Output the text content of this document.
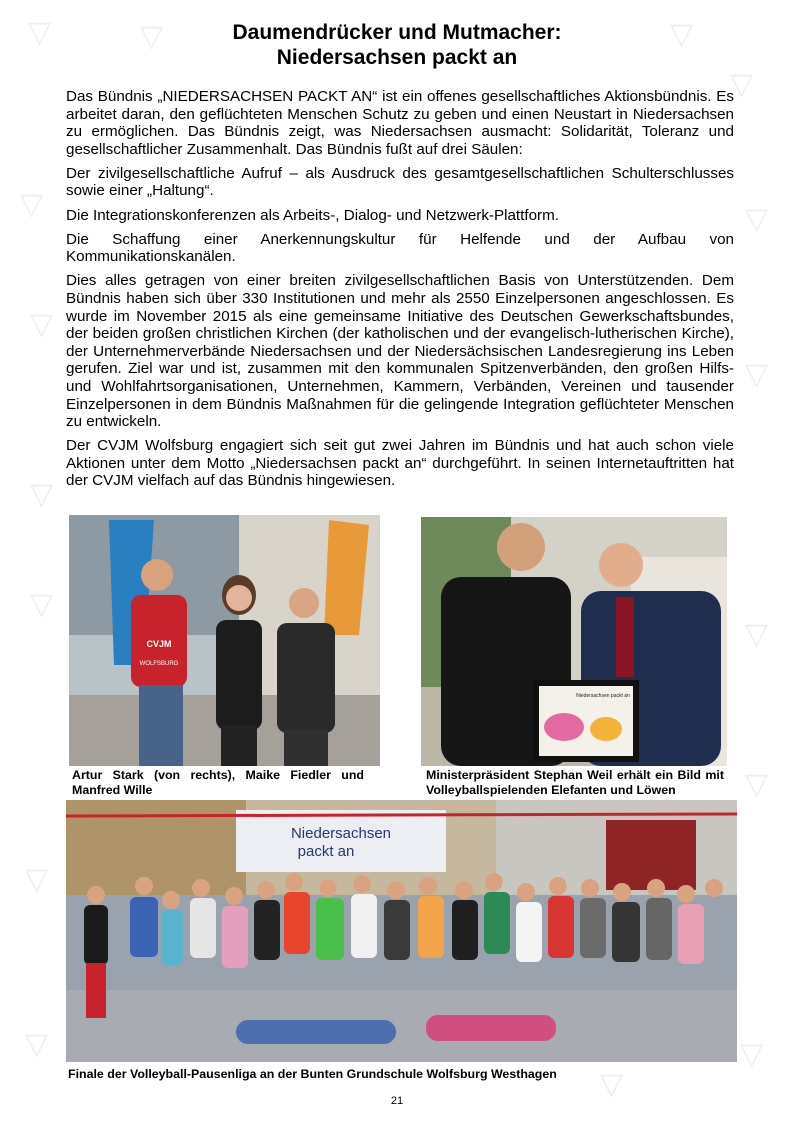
▽	▽	▽
▽
▽	▽
▽
▽
▽
▽
▽
▽
▽
▽	▽
▽
Daumendrücker und Mutmacher:
Niedersachsen packt an

Das Bündnis „NIEDERSACHSEN PACKT AN“ ist ein offenes gesellschaftliches Aktionsbündnis. Es arbeitet daran, den geflüchteten Menschen Schutz zu geben und einen Neustart in Niedersachsen zu ermöglichen. Das Bündnis zeigt, was Niedersachsen ausmacht: Solidarität, Toleranz und gesellschaftlicher Zusammenhalt. Das Bündnis fußt auf drei Säulen:

Der zivilgesellschaftliche Aufruf – als Ausdruck des gesamtgesellschaftlichen Schulterschlusses sowie einer „Haltung“.

Die Integrationskonferenzen als Arbeits-, Dialog- und Netzwerk-Plattform.

Die Schaffung einer Anerkennungskultur für Helfende und der Aufbau von Kommunikationskanälen.

Dies alles getragen von einer breiten zivilgesellschaftlichen Basis von Unterstützenden. Dem Bündnis haben sich über 330 Institutionen und mehr als 2550 Einzelpersonen angeschlossen. Es wurde im November 2015 als eine gemeinsame Initiative des Deutschen Gewerkschaftsbundes, der beiden großen christlichen Kirchen (der katholischen und der evangelisch-lutherischen Kirche), der Unternehmerverbände Niedersachsen und der Niedersächsischen Landesregierung ins Leben gerufen. Ziel war und ist, zusammen mit den kommunalen Spitzenverbänden, den großen Hilfs- und Wohlfahrtsorganisationen, Unternehmen, Kammern, Verbänden, Vereinen und tausender Einzelpersonen in dem Bündnis Maßnahmen für die gelingende Integration geflüchteter Menschen zu entwickeln.

Der CVJM Wolfsburg engagiert sich seit gut zwei Jahren im Bündnis und hat auch schon viele Aktionen unter dem Motto „Niedersachsen packt an“ durchgeführt. In seinen Internetauftritten hat der CVJM vielfach auf das Bündnis hingewiesen.

CVJM
WOLFSBURG
Artur Stark (von rechts), Maike Fiedler und Manfred Wille
Niedersachsen packt an
Ministerpräsident Stephan Weil erhält ein Bild mit Volleyballspielenden Elefanten und Löwen
Niedersachsen
packt an
Finale der Volleyball-Pausenliga an der Bunten Grundschule Wolfsburg Westhagen
21
